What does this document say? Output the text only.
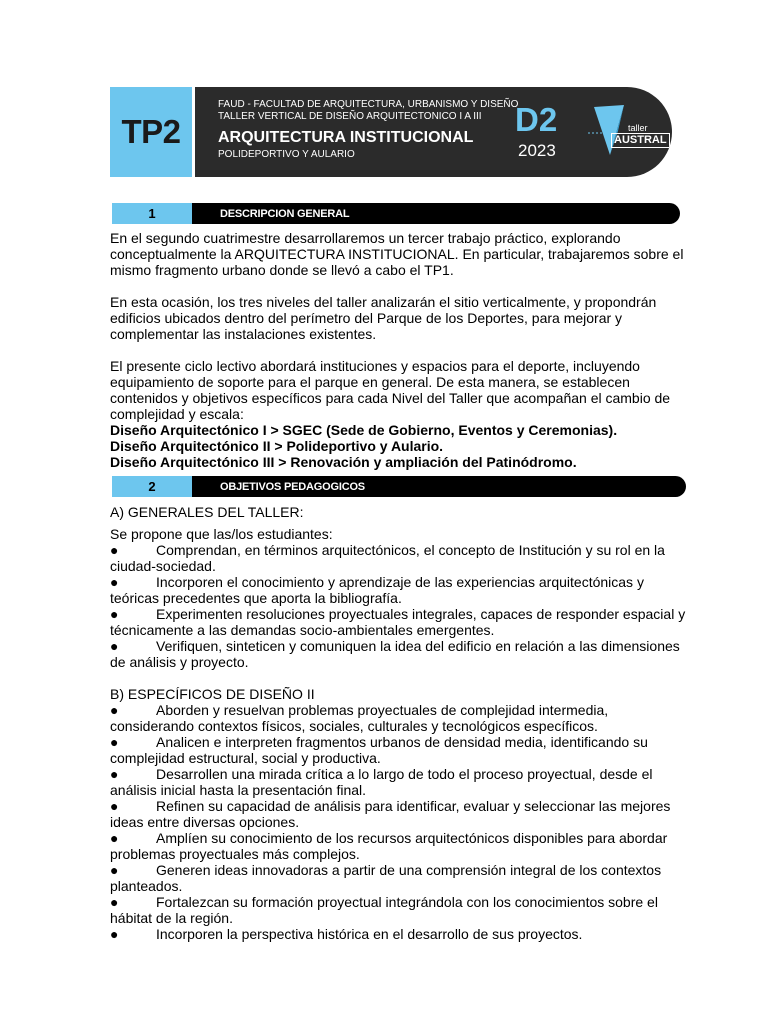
TP2
FAUD - FACULTAD DE ARQUITECTURA, URBANISMO Y DISEÑO
TALLER VERTICAL DE DISEÑO ARQUITECTONICO I A III
ARQUITECTURA INSTITUCIONAL
POLIDEPORTIVO Y AULARIO
D2
2023
taller
AUSTRAL
1	DESCRIPCION GENERAL
En el segundo cuatrimestre desarrollaremos un tercer trabajo práctico, explorando conceptualmente la ARQUITECTURA INSTITUCIONAL. En particular, trabajaremos sobre el mismo fragmento urbano donde se llevó a cabo el TP1.
En esta ocasión, los tres niveles del taller analizarán el sitio verticalmente, y propondrán edificios ubicados dentro del perímetro del Parque de los Deportes, para mejorar y complementar las instalaciones existentes.
El presente ciclo lectivo abordará instituciones y espacios para el deporte, incluyendo equipamiento de soporte para el parque en general. De esta manera, se establecen contenidos y objetivos específicos para cada Nivel del Taller que acompañan el cambio de complejidad y escala:
Diseño Arquitectónico I > SGEC (Sede de Gobierno, Eventos y Ceremonias).
Diseño Arquitectónico II > Polideportivo y Aulario.
Diseño Arquitectónico III > Renovación y ampliación del Patinódromo.
2	OBJETIVOS PEDAGOGICOS
A) GENERALES DEL TALLER:
Se propone que las/los estudiantes:
●	Comprendan, en términos arquitectónicos, el concepto de Institución y su rol en la ciudad-sociedad.
●	Incorporen el conocimiento y aprendizaje de las experiencias arquitectónicas y teóricas precedentes que aporta la bibliografía.
●	Experimenten resoluciones proyectuales integrales, capaces de responder espacial y técnicamente a las demandas socio-ambientales emergentes.
●	Verifiquen, sinteticen y comuniquen la idea del edificio en relación a las dimensiones de análisis y proyecto.
B) ESPECÍFICOS DE DISEÑO II
●	Aborden y resuelvan problemas proyectuales de complejidad intermedia, considerando contextos físicos, sociales, culturales y tecnológicos específicos.
●	Analicen e interpreten fragmentos urbanos de densidad media, identificando su complejidad estructural, social y productiva.
●	Desarrollen una mirada crítica a lo largo de todo el proceso proyectual, desde el análisis inicial hasta la presentación final.
●	Refinen su capacidad de análisis para identificar, evaluar y seleccionar las mejores ideas entre diversas opciones.
●	Amplíen su conocimiento de los recursos arquitectónicos disponibles para abordar problemas proyectuales más complejos.
●	Generen ideas innovadoras a partir de una comprensión integral de los contextos planteados.
●	Fortalezcan su formación proyectual integrándola con los conocimientos sobre el hábitat de la región.
●	Incorporen la perspectiva histórica en el desarrollo de sus proyectos.
